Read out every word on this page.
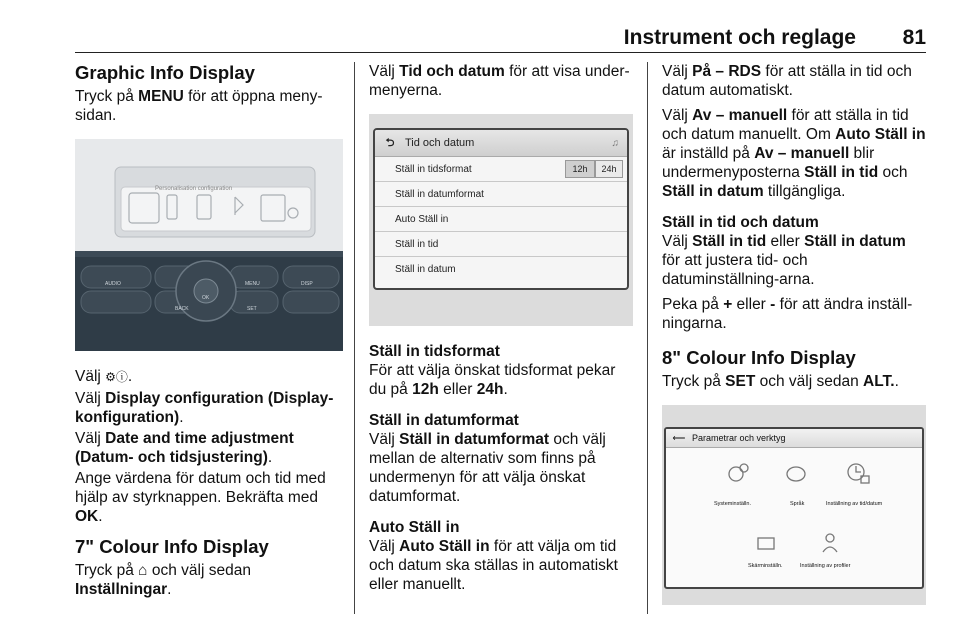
Instrument och reglage 81
Graphic Info Display

Tryck på MENU för att öppna meny-sidan.

Personalisation configuration
AUDIO
BACK
MENU	DISP
OK
SET

Välj ⚙ⓘ.

Välj Display configuration (Display-konfiguration).

Välj Date and time adjustment (Datum- och tidsjustering).

Ange värdena för datum och tid med hjälp av styrknappen. Bekräfta med OK.

7" Colour Info Display

Tryck på ⌂ och välj sedan
Inställningar.

Välj Tid och datum för att visa under-menyerna.

⮌ Tid och datum	♫
Ställ in tidsformat	12h	24h
Ställ in datumformat
Auto Ställ in
Ställ in tid
Ställ in datum

Ställ in tidsformat

För att välja önskat tidsformat pekar du på 12h eller 24h.

Ställ in datumformat

Välj Ställ in datumformat och välj mellan de alternativ som finns på undermenyn för att välja önskat datumformat.

Auto Ställ in

Välj Auto Ställ in för att välja om tid och datum ska ställas in automatiskt eller manuellt.

Välj På – RDS för att ställa in tid och datum automatiskt.

Välj Av – manuell för att ställa in tid och datum manuellt. Om Auto Ställ in är inställd på Av – manuell blir undermenyposterna Ställ in tid och Ställ in datum tillgängliga.

Ställ in tid och datum

Välj Ställ in tid eller Ställ in datum för att justera tid- och datuminställning-arna.

Peka på + eller - för att ändra inställ-ningarna.

8" Colour Info Display

Tryck på SET och välj sedan ALT..

⟵ Parametrar och verktyg
Systeminställn.	Språk	Inställning av tid/datum
Skärminställn.	Inställning av profiler
